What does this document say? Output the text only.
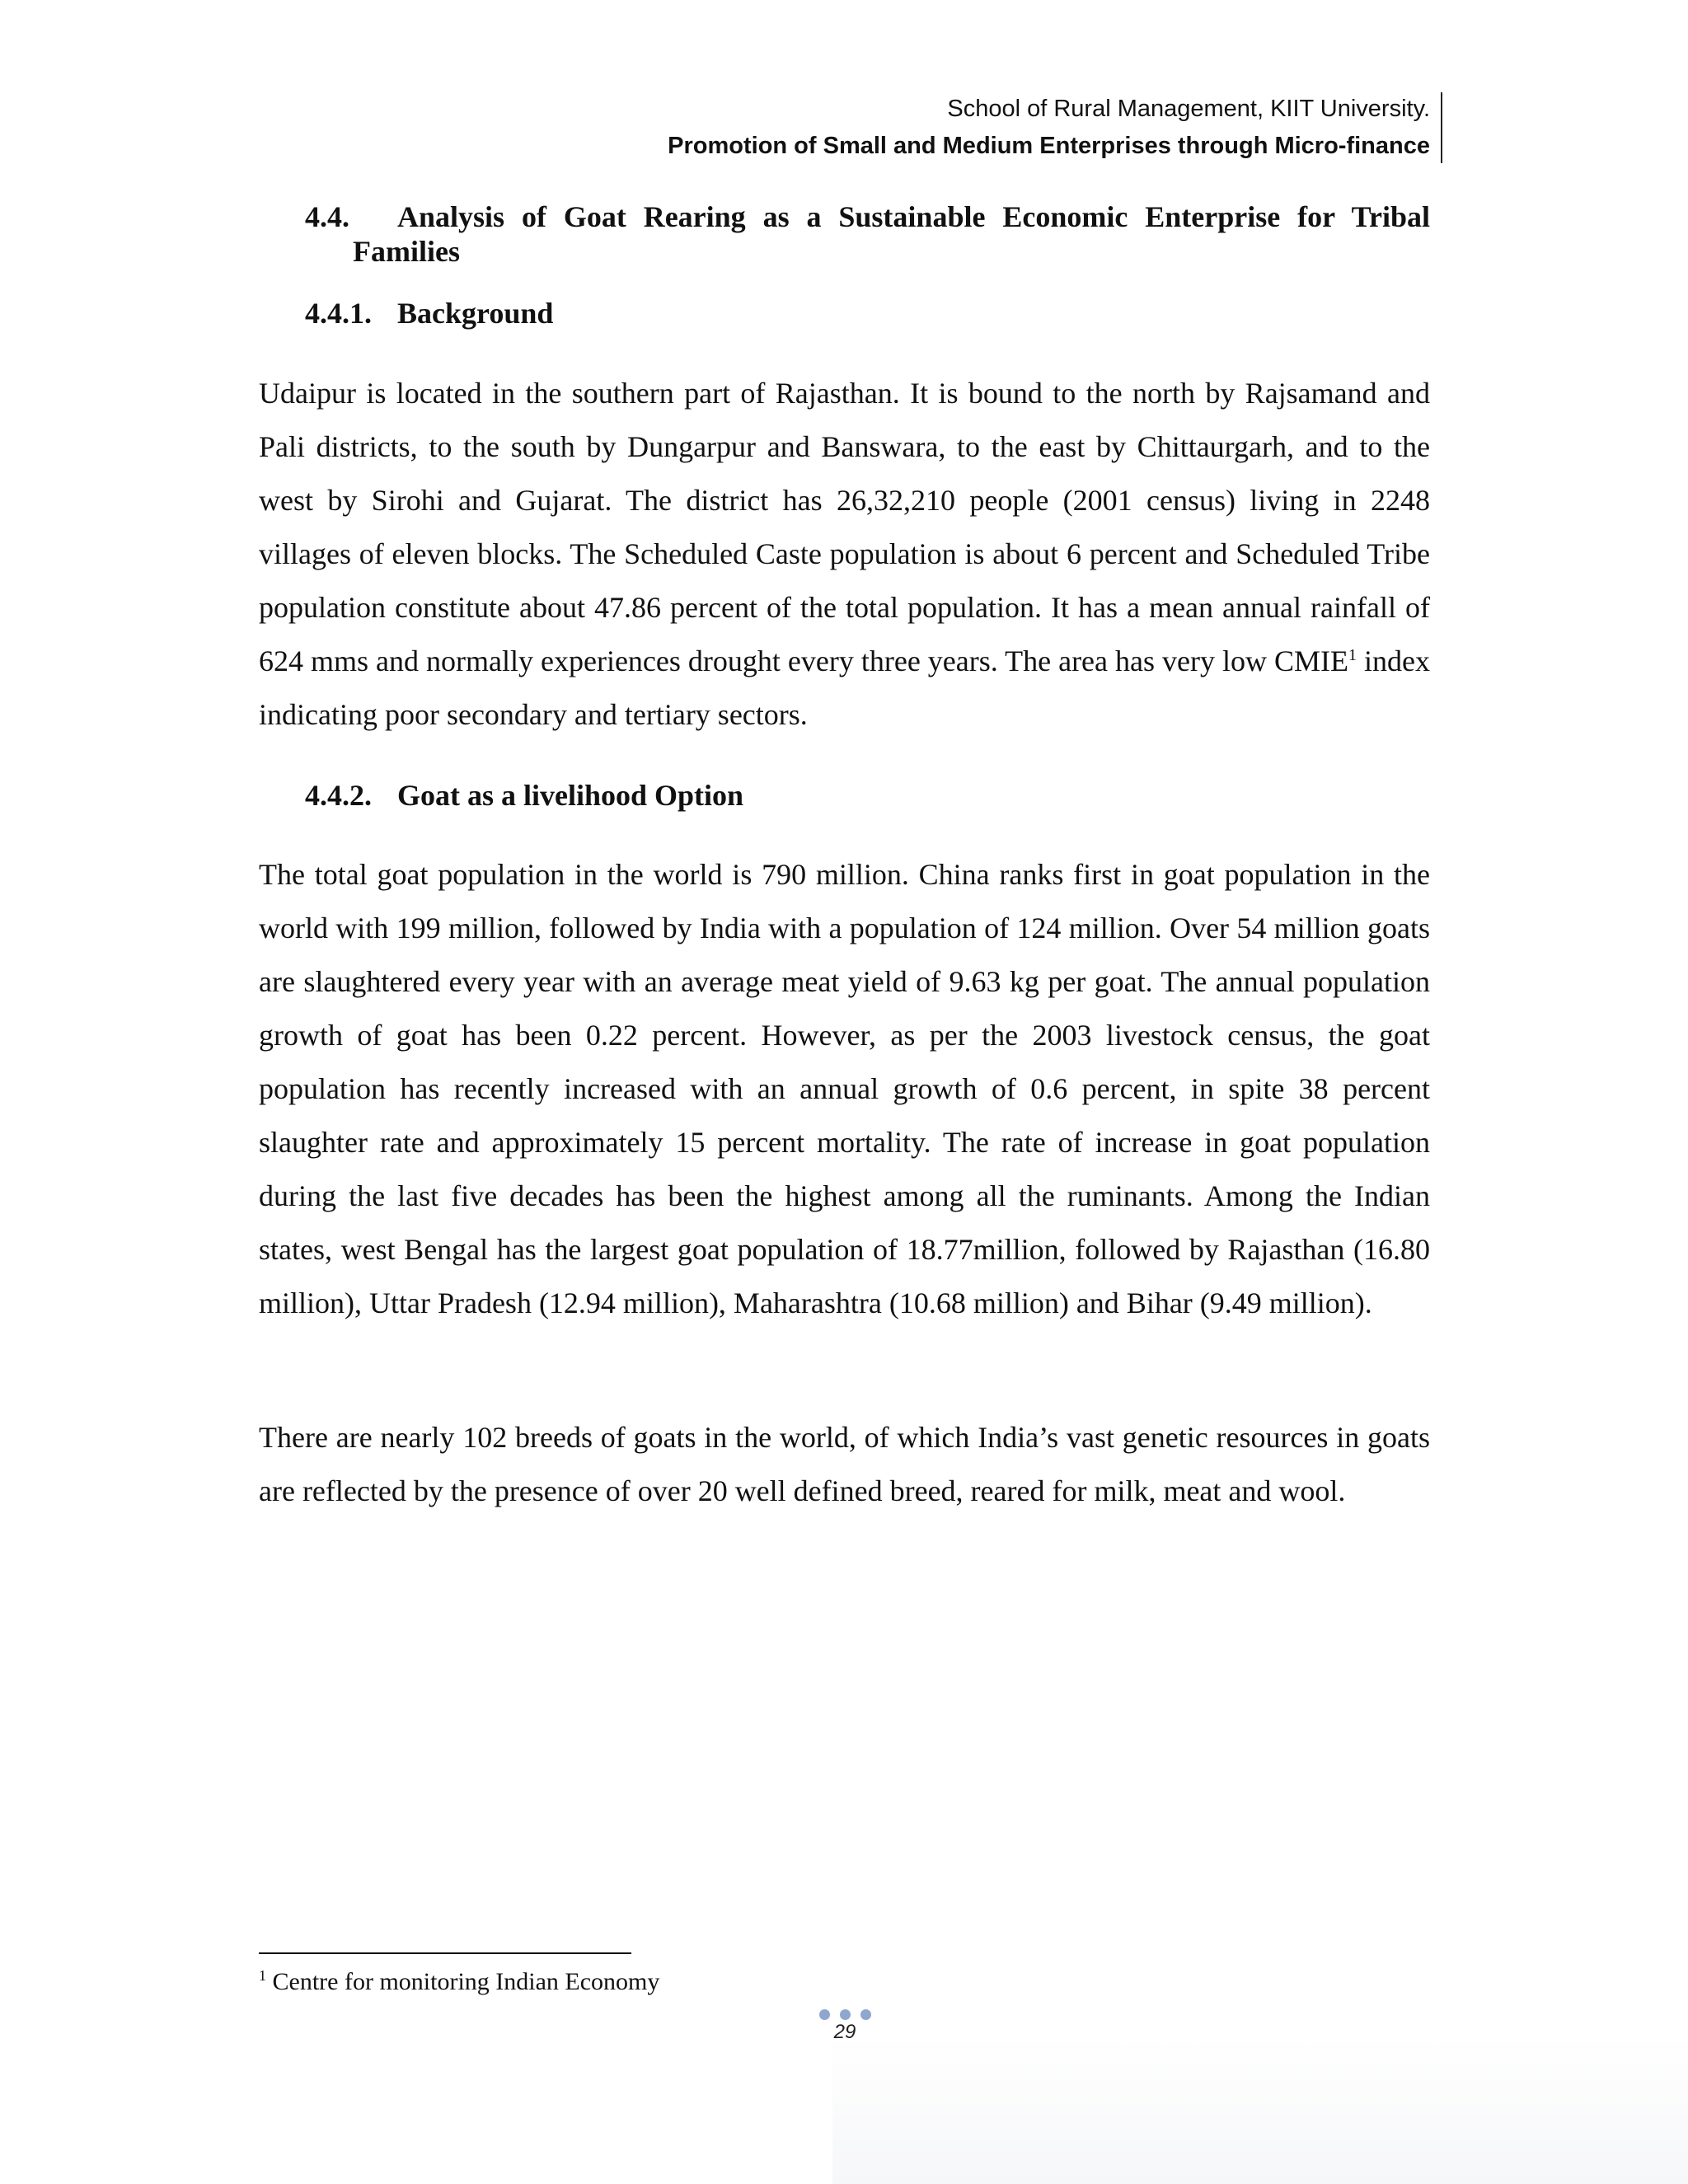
School of Rural Management, KIIT University.
Promotion of Small and Medium Enterprises through Micro-finance
4.4.	Analysis of Goat Rearing as a Sustainable Economic Enterprise for Tribal
Families
4.4.1. Background

Udaipur is located in the southern part of Rajasthan. It is bound to the north by Rajsamand and Pali districts, to the south by Dungarpur and Banswara, to the east by Chittaurgarh, and to the west by Sirohi and Gujarat. The district has 26,32,210 people (2001 census) living in 2248 villages of eleven blocks. The Scheduled Caste population is about 6 percent and Scheduled Tribe population constitute about 47.86 percent of the total population. It has a mean annual rainfall of 624 mms and normally experiences drought every three years. The area has very low CMIE$^1$ index indicating poor secondary and tertiary sectors.

4.4.2. Goat as a livelihood Option

The total goat population in the world is 790 million. China ranks first in goat population in the world with 199 million, followed by India with a population of 124 million. Over 54 million goats are slaughtered every year with an average meat yield of 9.63 kg per goat. The annual population growth of goat has been 0.22 percent. However, as per the 2003 livestock census, the goat population has recently increased with an annual growth of 0.6 percent, in spite 38 percent slaughter rate and approximately 15 percent mortality. The rate of increase in goat population during the last five decades has been the highest among all the ruminants. Among the Indian states, west Bengal has the largest goat population of 18.77million, followed by Rajasthan (16.80 million), Uttar Pradesh (12.94 million), Maharashtra (10.68 million) and Bihar (9.49 million).

There are nearly 102 breeds of goats in the world, of which India’s vast genetic resources in goats are reflected by the presence of over 20 well defined breed, reared for milk, meat and wool.

$^1$ Centre for monitoring Indian Economy
29
